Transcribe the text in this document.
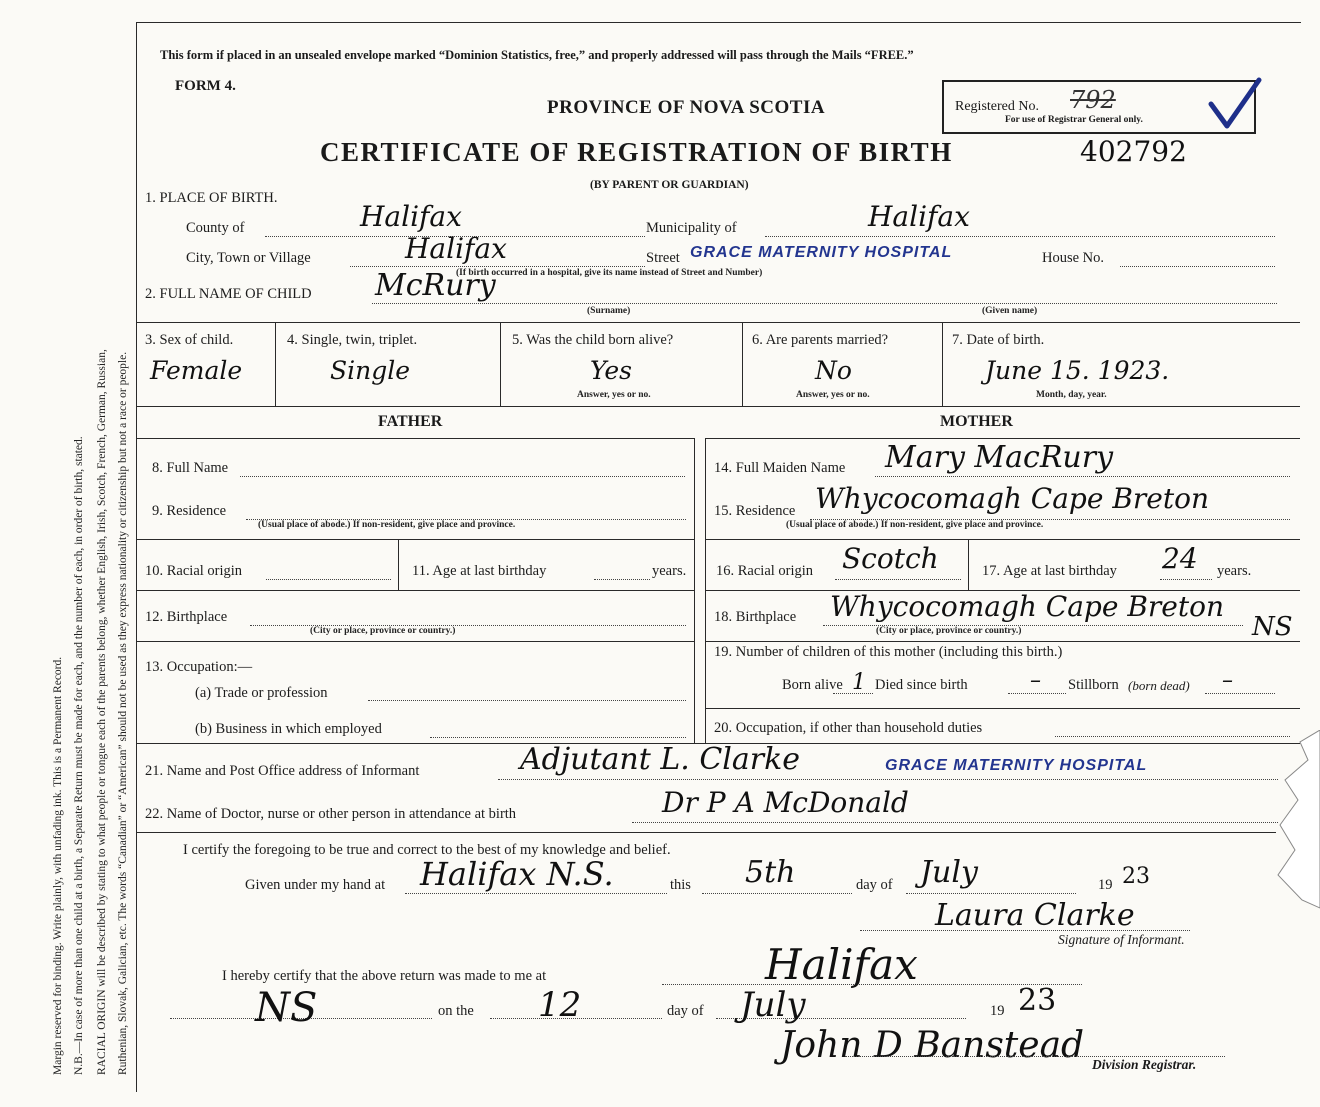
Margin reserved for binding. Write plainly, with unfading ink. This is a Permanent Record. N.B.—In case of more than one child at a birth, a Separate Return must be made for each, and the number of each, in order of birth, stated. RACIAL ORIGIN will be described by stating to what people or tongue each of the parents belong, whether English, Irish, Scotch, French, German, Russian, Ruthenian, Slovak, Galician, etc. The words “Canadian” or “American” should not be used as they express nationality or citizenship but not a race or people.
This form if placed in an unsealed envelope marked “Dominion Statistics, free,” and properly addressed will pass through the Mails “FREE.”
FORM 4.
PROVINCE OF NOVA SCOTIA	Registered No. 792
For use of Registrar General only.
CERTIFICATE OF REGISTRATION OF BIRTH	402792
(BY PARENT OR GUARDIAN)
1. PLACE OF BIRTH.
County of	Halifax	Municipality of	Halifax
City, Town or Village	Halifax	Street GRACE MATERNITY HOSPITAL	House No.
(If birth occurred in a hospital, give its name instead of Street and Number)
2. FULL NAME OF CHILD McRury
(Surname)	(Given name)
3. Sex of child.
Female
4. Single, twin, triplet.
Single
5. Was the child born alive?
Yes
Answer, yes or no.
6. Are parents married?
No
Answer, yes or no.
7. Date of birth.
June 15. 1923.
Month, day, year.
FATHER	MOTHER
8. Full Name
9. Residence
(Usual place of abode.) If non-resident, give place and province.
10. Racial origin	11. Age at last birthday	years.
12. Birthplace
(City or place, province or country.)
13. Occupation:—
(a) Trade or profession
(b) Business in which employed
14. Full Maiden Name Mary MacRury
15. Residence Whycocomagh Cape Breton
(Usual place of abode.) If non-resident, give place and province.
16. Racial origin Scotch	17. Age at last birthday 24 years.
18. Birthplace Whycocomagh Cape Breton
NS
(City or place, province or country.)
19. Number of children of this mother (including this birth.)
Born alive 1 Died since birth	– Stillborn (born dead) –
20. Occupation, if other than household duties
21. Name and Post Office address of Informant	Adjutant L. Clarke	GRACE MATERNITY HOSPITAL
22. Name of Doctor, nurse or other person in attendance at birth	Dr P A McDonald
I certify the foregoing to be true and correct to the best of my knowledge and belief.
Given under my hand at Halifax N.S.	this 5th	day of July	19 23
Laura Clarke
Signature of Informant.
I hereby certify that the above return was made to me at	Halifax
NS	on the 12	day of July	19 23
John D Banstead Division Registrar.
